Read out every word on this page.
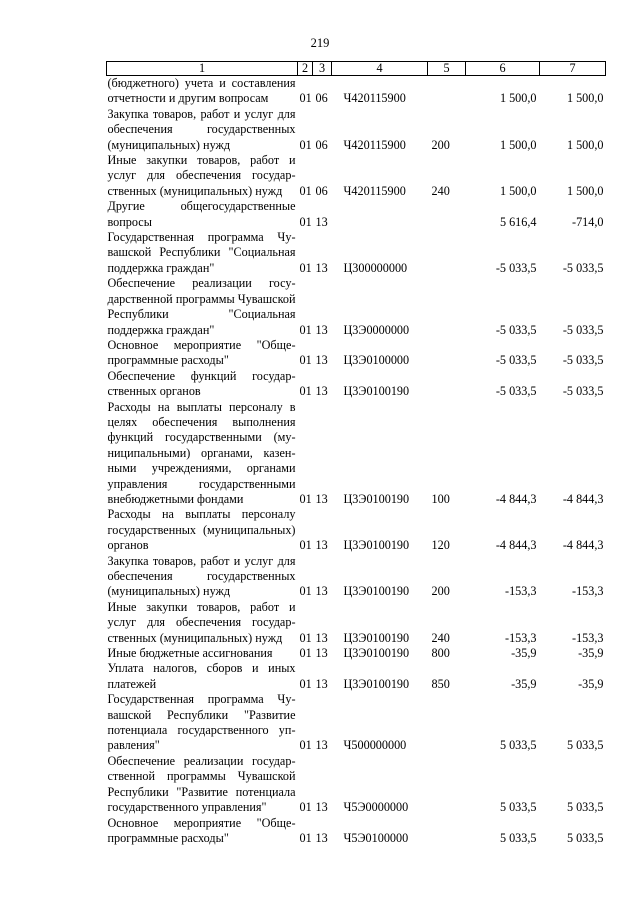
219
1	2	3	4	5	6	7
(бюджетного) учета и составления отчетности и другим вопросам	01	06	Ч420115900		1 500,0	1 500,0
Закупка товаров, работ и услуг для обеспечения государственных (муниципальных) нужд	01	06	Ч420115900	200	1 500,0	1 500,0
Иные закупки товаров, работ и услуг для обеспечения государственных (муниципальных) нужд	01	06	Ч420115900	240	1 500,0	1 500,0
Другие общегосударственные вопросы	01	13			5 616,4	-714,0
Государственная программа Чувашской Республики "Социальная поддержка граждан"	01	13	Ц300000000		-5 033,5	-5 033,5
Обеспечение реализации государственной программы Чувашской Республики "Социальная поддержка граждан"	01	13	Ц3Э0000000		-5 033,5	-5 033,5
Основное мероприятие "Общепрограммные расходы"	01	13	Ц3Э0100000		-5 033,5	-5 033,5
Обеспечение функций государственных органов	01	13	Ц3Э0100190		-5 033,5	-5 033,5
Расходы на выплаты персоналу в целях обеспечения выполнения функций государственными (муниципальными) органами, казенными учреждениями, органами управления государственными внебюджетными фондами	01	13	Ц3Э0100190	100	-4 844,3	-4 844,3
Расходы на выплаты персоналу государственных (муниципальных) органов	01	13	Ц3Э0100190	120	-4 844,3	-4 844,3
Закупка товаров, работ и услуг для обеспечения государственных (муниципальных) нужд	01	13	Ц3Э0100190	200	-153,3	-153,3
Иные закупки товаров, работ и услуг для обеспечения государственных (муниципальных) нужд	01	13	Ц3Э0100190	240	-153,3	-153,3
Иные бюджетные ассигнования	01	13	Ц3Э0100190	800	-35,9	-35,9
Уплата налогов, сборов и иных платежей	01	13	Ц3Э0100190	850	-35,9	-35,9
Государственная программа Чувашской Республики "Развитие потенциала государственного управления"	01	13	Ч500000000		5 033,5	5 033,5
Обеспечение реализации государственной программы Чувашской Республики "Развитие потенциала государственного управления"	01	13	Ч5Э0000000		5 033,5	5 033,5
Основное мероприятие "Общепрограммные расходы"	01	13	Ч5Э0100000		5 033,5	5 033,5
